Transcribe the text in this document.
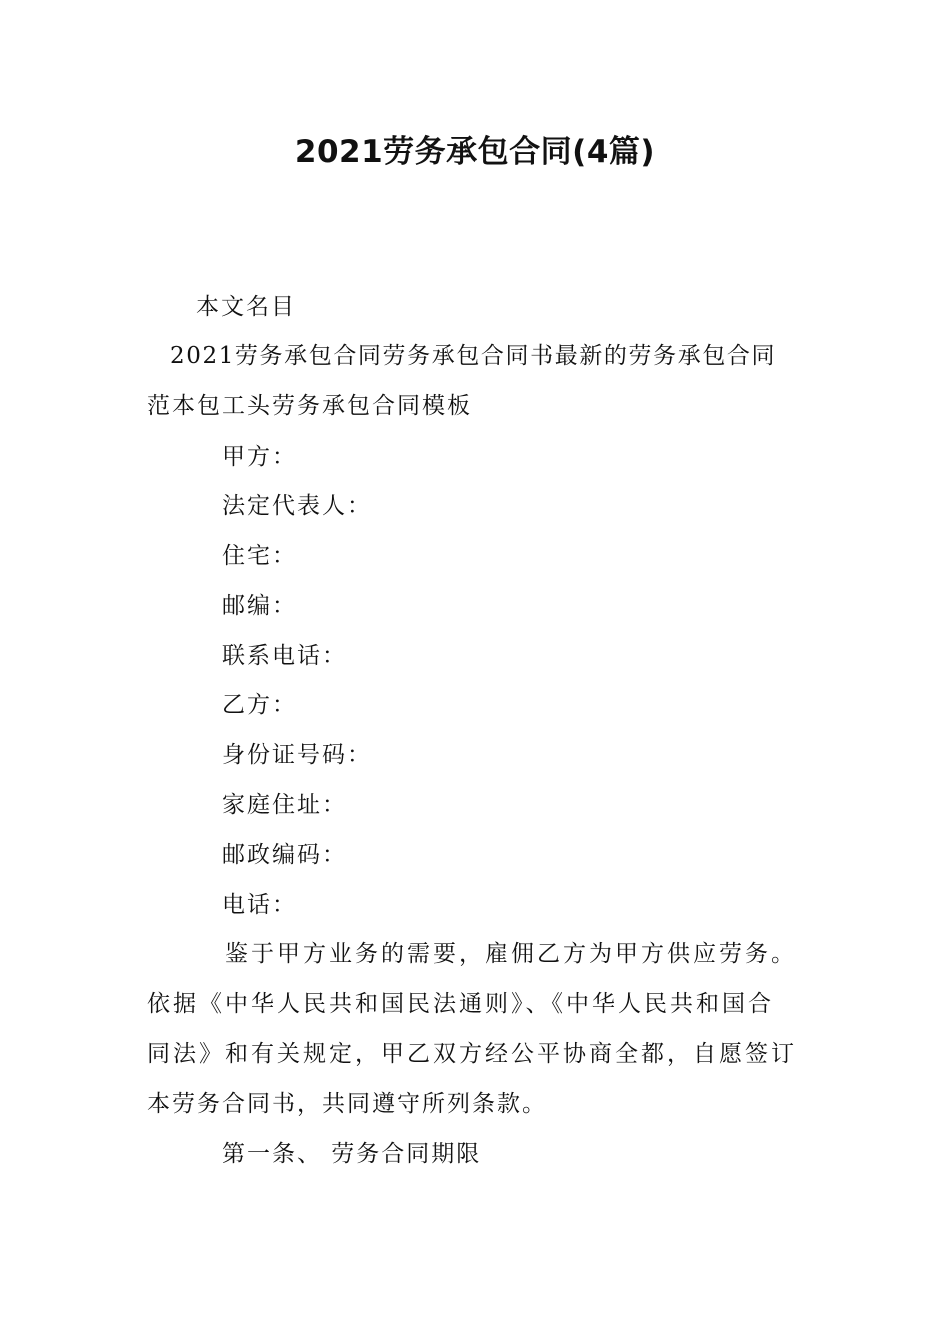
2021劳务承包合同(4篇)
本文名目
2021劳务承包合同劳务承包合同书最新的劳务承包合同
范本包工头劳务承包合同模板
甲方：
法定代表人：
住宅：
邮编：
联系电话：
乙方：
身份证号码：
家庭住址：
邮政编码：
电话：
鉴于甲方业务的需要，雇佣乙方为甲方供应劳务。
依据《中华人民共和国民法通则》、《中华人民共和国合
同法》和有关规定，甲乙双方经公平协商全都，自愿签订
本劳务合同书，共同遵守所列条款。
第一条、 劳务合同期限
